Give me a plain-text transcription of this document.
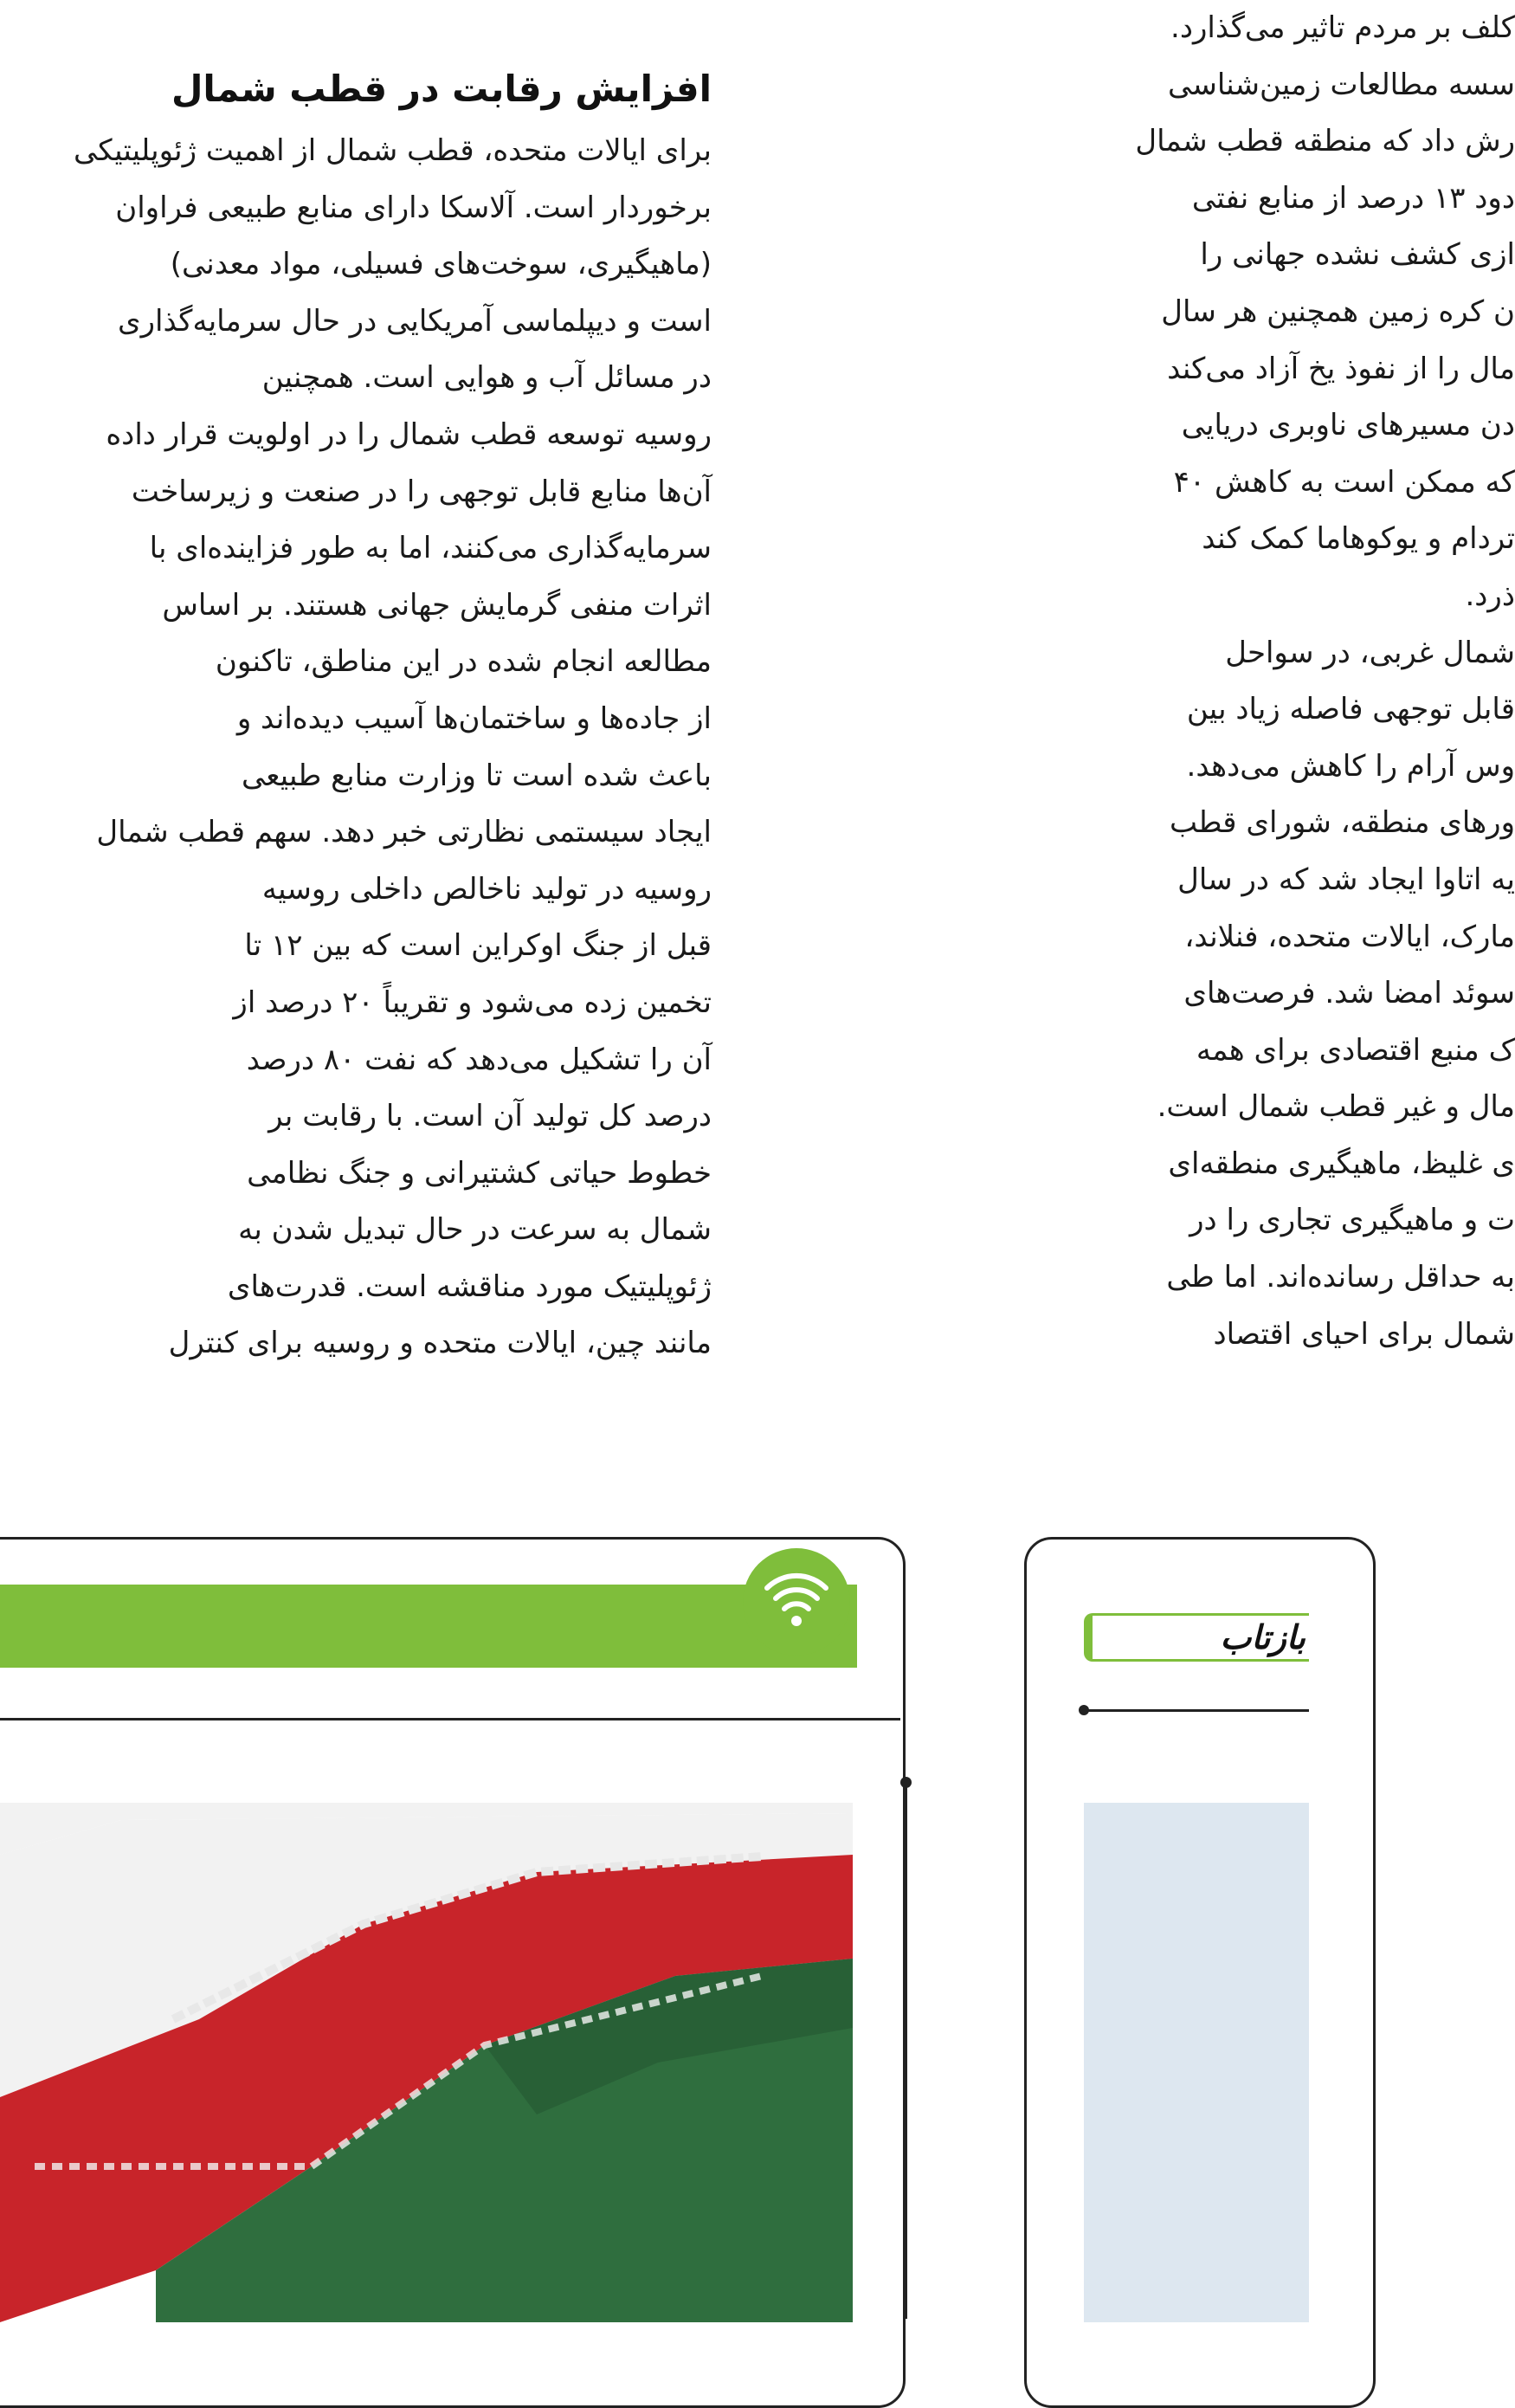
افزایش رقابت در قطب شمال
برای ایالات متحده، قطب شمال از اهمیت ژئوپلیتیکی
برخوردار است. آلاسکا دارای منابع طبیعی فراوان
(ماهیگیری، سوخت‌های فسیلی، مواد معدنی)
است و دیپلماسی آمریکایی در حال سرمایه‌گذاری
در مسائل آب و هوایی است. همچنین
روسیه توسعه قطب شمال را در اولویت قرار داده
آن‌ها منابع قابل توجهی را در صنعت و زیرساخت
سرمایه‌گذاری می‌کنند، اما به طور فزاینده‌ای با
اثرات منفی گرمایش جهانی هستند. بر اساس
مطالعه انجام شده در این مناطق، تاکنون
از جاده‌ها و ساختمان‌ها آسیب دیده‌اند و
باعث شده است تا وزارت منابع طبیعی
ایجاد سیستمی نظارتی خبر دهد. سهم قطب شمال
روسیه در تولید ناخالص داخلی روسیه
قبل از جنگ اوکراین است که بین ۱۲ تا
تخمین زده می‌شود و تقریباً ۲۰ درصد از
آن را تشکیل می‌دهد که نفت ۸۰ درصد
درصد کل تولید آن است. با رقابت بر
خطوط حیاتی کشتیرانی و جنگ نظامی
شمال به سرعت در حال تبدیل شدن به
ژئوپلیتیک مورد مناقشه است. قدرت‌های
مانند چین، ایالات متحده و روسیه برای کنترل
کلف بر مردم تاثیر می‌گذارد.
سسه مطالعات زمین‌شناسی
رش داد که منطقه قطب شمال
دود ۱۳ درصد از منابع نفتی
ازی کشف نشده جهانی را
ن کره زمین همچنین هر سال
مال را از نفوذ یخ آزاد می‌کند
دن مسیرهای ناوبری دریایی
که ممکن است به کاهش ۴۰
تردام و یوکوهاما کمک کند
ذرد.
شمال غربی، در سواحل
قابل توجهی فاصله زیاد بین
وس آرام را کاهش می‌دهد.
ورهای منطقه، شورای قطب
یه اتاوا ایجاد شد که در سال
مارک، ایالات متحده، فنلاند،
سوئد امضا شد. فرصت‌های
ک منبع اقتصادی برای همه
مال و غیر قطب شمال است.
ی غلیظ، ماهیگیری منطقه‌ای
ت و ماهیگیری تجاری را در
به حداقل رسانده‌اند. اما طی
شمال برای احیای اقتصاد
بازتاب
